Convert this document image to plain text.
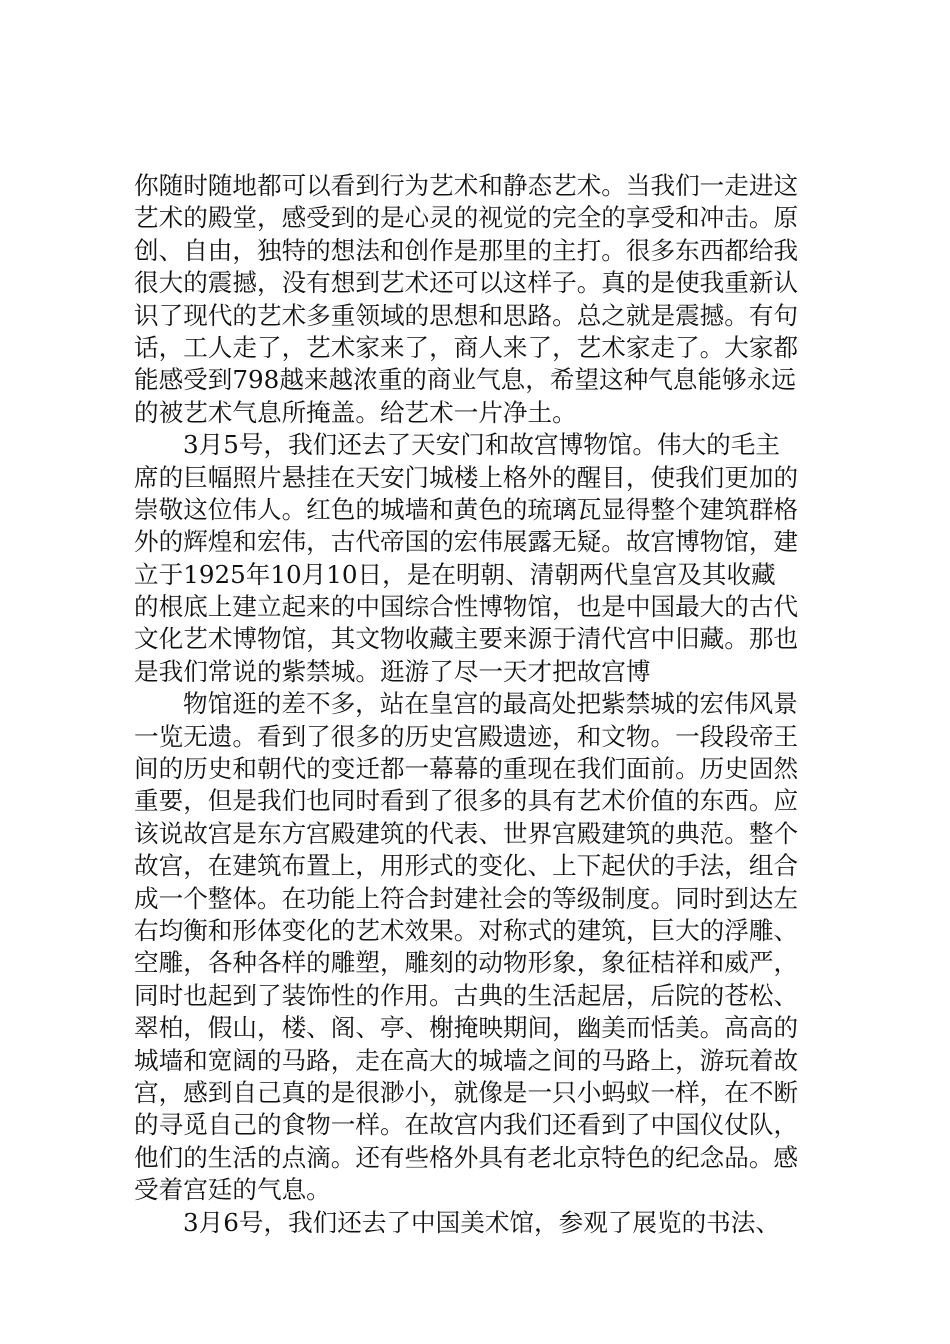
你随时随地都可以看到行为艺术和静态艺术。当我们一走进这
艺术的殿堂，感受到的是心灵的视觉的完全的享受和冲击。原
创、自由，独特的想法和创作是那里的主打。很多东西都给我
很大的震撼，没有想到艺术还可以这样子。真的是使我重新认
识了现代的艺术多重领域的思想和思路。总之就是震撼。有句
话，工人走了，艺术家来了，商人来了，艺术家走了。大家都
能感受到798越来越浓重的商业气息，希望这种气息能够永远
的被艺术气息所掩盖。给艺术一片净土。
3月5号，我们还去了天安门和故宫博物馆。伟大的毛主
席的巨幅照片悬挂在天安门城楼上格外的醒目，使我们更加的
崇敬这位伟人。红色的城墙和黄色的琉璃瓦显得整个建筑群格
外的辉煌和宏伟，古代帝国的宏伟展露无疑。故宫博物馆，建
立于1925年10月10日，是在明朝、清朝两代皇宫及其收藏
的根底上建立起来的中国综合性博物馆，也是中国最大的古代
文化艺术博物馆，其文物收藏主要来源于清代宫中旧藏。那也
是我们常说的紫禁城。逛游了尽一天才把故宫博
物馆逛的差不多，站在皇宫的最高处把紫禁城的宏伟风景
一览无遗。看到了很多的历史宫殿遗迹，和文物。一段段帝王
间的历史和朝代的变迁都一幕幕的重现在我们面前。历史固然
重要，但是我们也同时看到了很多的具有艺术价值的东西。应
该说故宫是东方宫殿建筑的代表、世界宫殿建筑的典范。整个
故宫，在建筑布置上，用形式的变化、上下起伏的手法，组合
成一个整体。在功能上符合封建社会的等级制度。同时到达左
右均衡和形体变化的艺术效果。对称式的建筑，巨大的浮雕、
空雕，各种各样的雕塑，雕刻的动物形象，象征桔祥和威严，
同时也起到了装饰性的作用。古典的生活起居，后院的苍松、
翠柏，假山，楼、阁、亭、榭掩映期间，幽美而恬美。高高的
城墙和宽阔的马路，走在高大的城墙之间的马路上，游玩着故
宫，感到自己真的是很渺小，就像是一只小蚂蚁一样，在不断
的寻觅自己的食物一样。在故宫内我们还看到了中国仪仗队，
他们的生活的点滴。还有些格外具有老北京特色的纪念品。感
受着宫廷的气息。
3月6号，我们还去了中国美术馆，参观了展览的书法、
